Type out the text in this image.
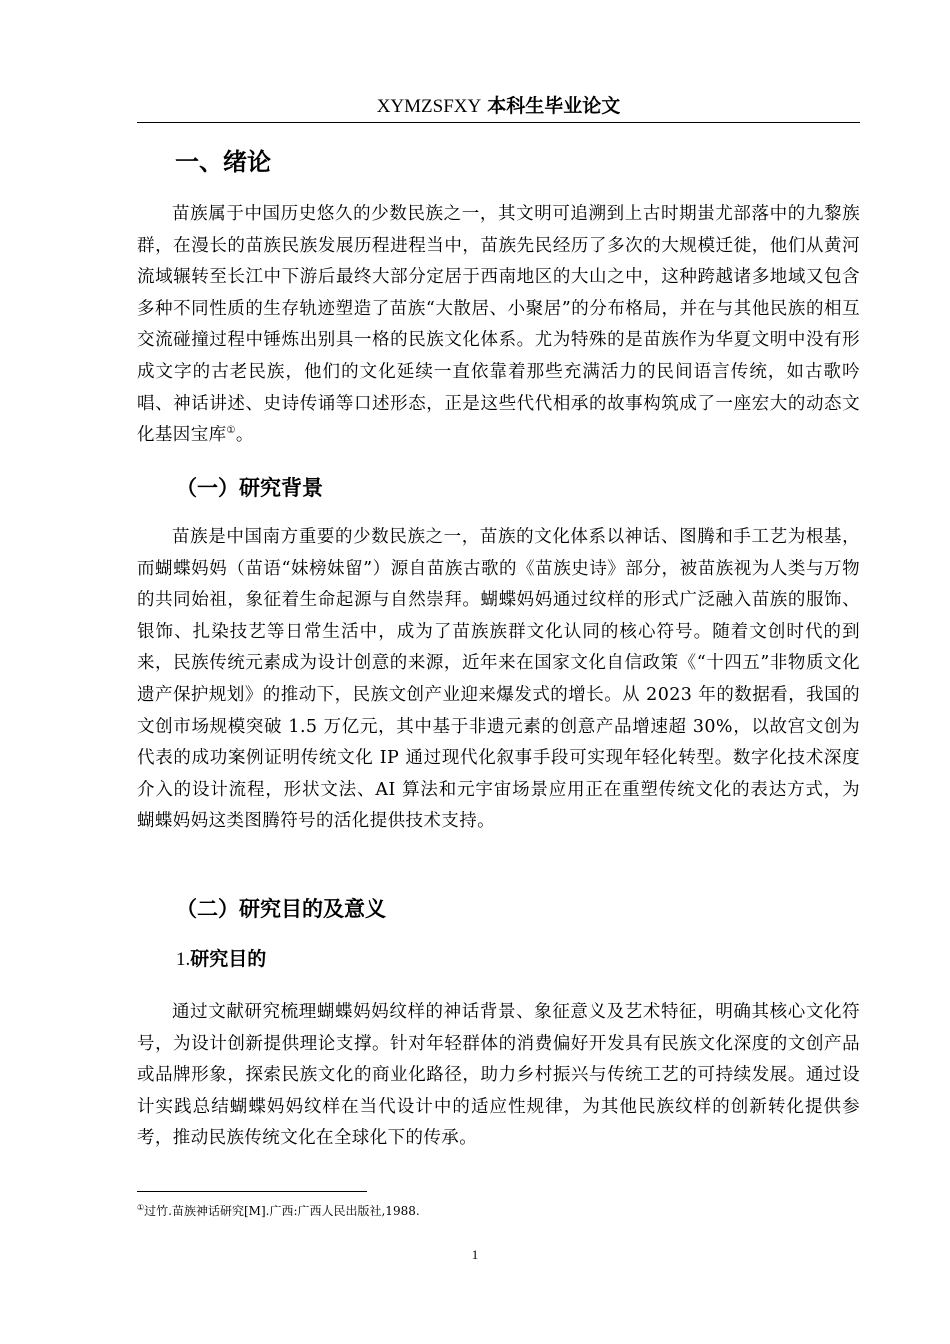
XYMZSFXY 本科生毕业论文
一、绪论

苗族属于中国历史悠久的少数民族之一，其文明可追溯到上古时期蚩尤部落中的九黎族群，在漫长的苗族民族发展历程进程当中，苗族先民经历了多次的大规模迁徙，他们从黄河流域辗转至长江中下游后最终大部分定居于西南地区的大山之中，这种跨越诸多地域又包含多种不同性质的生存轨迹塑造了苗族“大散居、小聚居”的分布格局，并在与其他民族的相互交流碰撞过程中锤炼出别具一格的民族文化体系。尤为特殊的是苗族作为华夏文明中没有形成文字的古老民族，他们的文化延续一直依靠着那些充满活力的民间语言传统，如古歌吟唱、神话讲述、史诗传诵等口述形态，正是这些代代相承的故事构筑成了一座宏大的动态文化基因宝库①。

（一）研究背景

苗族是中国南方重要的少数民族之一，苗族的文化体系以神话、图腾和手工艺为根基，而蝴蝶妈妈（苗语“妹榜妹留”）源自苗族古歌的《苗族史诗》部分，被苗族视为人类与万物的共同始祖，象征着生命起源与自然崇拜。蝴蝶妈妈通过纹样的形式广泛融入苗族的服饰、银饰、扎染技艺等日常生活中，成为了苗族族群文化认同的核心符号。随着文创时代的到来，民族传统元素成为设计创意的来源，近年来在国家文化自信政策《“十四五”非物质文化遗产保护规划》的推动下，民族文创产业迎来爆发式的增长。从 2023 年的数据看，我国的文创市场规模突破 1.5 万亿元，其中基于非遗元素的创意产品增速超 30%，以故宫文创为代表的成功案例证明传统文化 IP 通过现代化叙事手段可实现年轻化转型。数字化技术深度介入的设计流程，形状文法、AI 算法和元宇宙场景应用正在重塑传统文化的表达方式，为蝴蝶妈妈这类图腾符号的活化提供技术支持。

（二）研究目的及意义
1.研究目的

通过文献研究梳理蝴蝶妈妈纹样的神话背景、象征意义及艺术特征，明确其核心文化符号，为设计创新提供理论支撑。针对年轻群体的消费偏好开发具有民族文化深度的文创产品或品牌形象，探索民族文化的商业化路径，助力乡村振兴与传统工艺的可持续发展。通过设计实践总结蝴蝶妈妈纹样在当代设计中的适应性规律，为其他民族纹样的创新转化提供参考，推动民族传统文化在全球化下的传承。

①过竹.苗族神话研究[M].广西:广西人民出版社,1988.
1
